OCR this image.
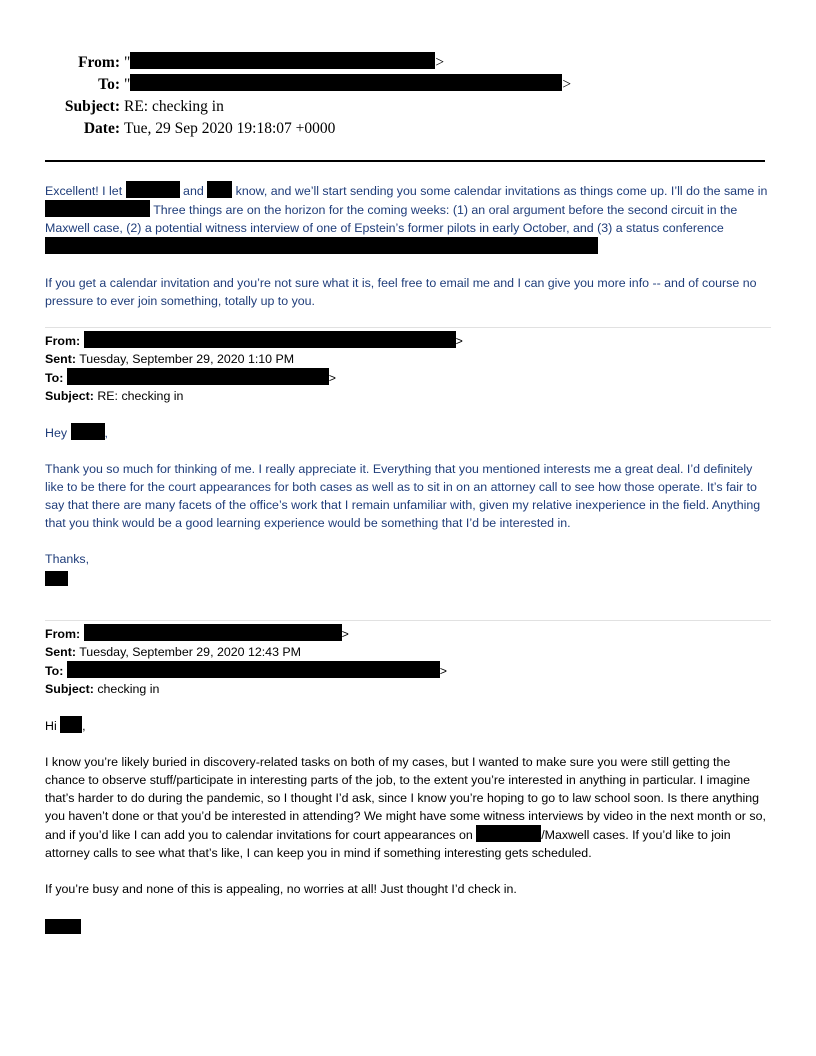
From: "	>
To: "	>
Subject: RE: checking in
Date: Tue, 29 Sep 2020 19:18:07 +0000

Excellent! I let	and	know, and we’ll start sending you some calendar invitations as things come up. I’ll do the same in  Three things are on the horizon for the coming weeks: (1) an oral argument before the second circuit in the Maxwell case, (2) a potential witness interview of one of Epstein’s former pilots in early October, and (3) a status conference

If you get a calendar invitation and you’re not sure what it is, feel free to email me and I can give you more info -- and of course no pressure to ever join something, totally up to you.

From:	>
Sent: Tuesday, September 29, 2020 1:10 PM
To:	>
Subject: RE: checking in
Hey	,

Thank you so much for thinking of me. I really appreciate it. Everything that you mentioned interests me a great deal. I’d definitely like to be there for the court appearances for both cases as well as to sit in on an attorney call to see how those operate. It’s fair to say that there are many facets of the office’s work that I remain unfamiliar with, given my relative inexperience in the field. Anything that you think would be a good learning experience would be something that I’d be interested in.

Thanks,

From:	>
Sent: Tuesday, September 29, 2020 12:43 PM
To:	>
Subject: checking in
Hi ,

I know you’re likely buried in discovery-related tasks on both of my cases, but I wanted to make sure you were still getting the chance to observe stuff/participate in interesting parts of the job, to the extent you’re interested in anything in particular. I imagine that’s harder to do during the pandemic, so I thought I’d ask, since I know you’re hoping to go to law school soon. Is there anything you haven’t done or that you’d be interested in attending? We might have some witness interviews by video in the next month or so, and if you’d like I can add you to calendar invitations for court appearances on	/Maxwell cases. If you’d like to join attorney calls to see what that’s like, I can keep you in mind if something interesting gets scheduled.

If you’re busy and none of this is appealing, no worries at all! Just thought I’d check in.
